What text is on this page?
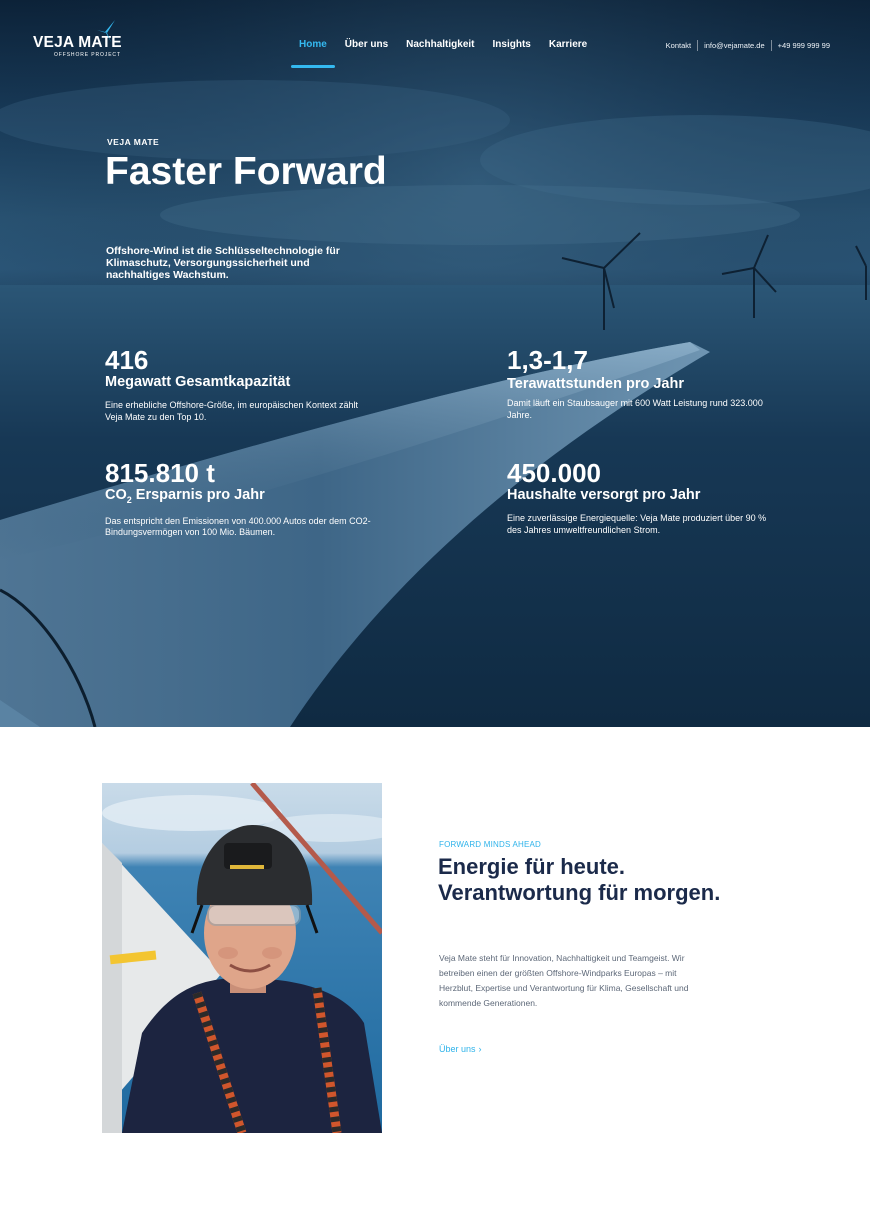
VEJA MATE
OFFSHORE PROJECT
Home	Über uns	Nachhaltigkeit	Insights	Karriere	Kontakt info@vejamate.de +49 999 999 99
VEJA MATE
Faster Forward
Offshore-Wind ist die Schlüsseltechnologie für Klimaschutz, Versorgungssicherheit und nachhaltiges Wachstum.
416
Megawatt Gesamtkapazität
Eine erhebliche Offshore-Größe, im europäischen Kontext zählt Veja Mate zu den Top 10.
1,3-1,7
Terawattstunden pro Jahr
Damit läuft ein Staubsauger mit 600 Watt Leistung rund 323.000 Jahre.
815.810 t
$CO_2$ Ersparnis pro Jahr
Das entspricht den Emissionen von 400.000 Autos oder dem CO2-Bindungsvermögen von 100 Mio. Bäumen.
450.000
Haushalte versorgt pro Jahr
Eine zuverlässige Energiequelle: Veja Mate produziert über 90 % des Jahres umweltfreundlichen Strom.
FORWARD MINDS AHEAD
Energie für heute. Verantwortung für morgen.
Veja Mate steht für Innovation, Nachhaltigkeit und Teamgeist. Wir betreiben einen der größten Offshore-Windparks Europas – mit Herzblut, Expertise und Verantwortung für Klima, Gesellschaft und kommende Generationen.
Über uns ›
